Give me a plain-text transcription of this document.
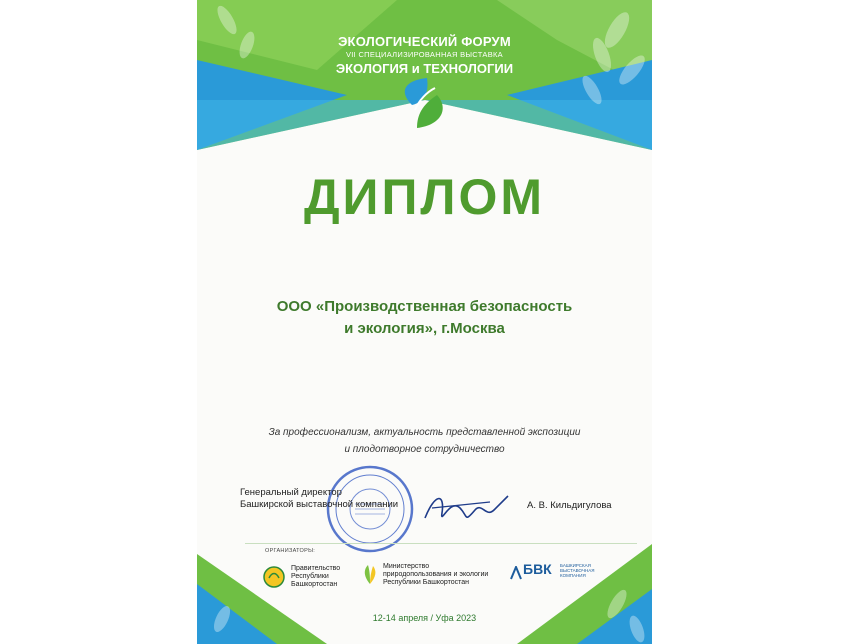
ЭКОЛОГИЧЕСКИЙ ФОРУМ
VII СПЕЦИАЛИЗИРОВАННАЯ ВЫСТАВКА
ЭКОЛОГИЯ и ТЕХНОЛОГИИ
ДИПЛОМ
ООО «Производственная безопасность
и экология», г.Москва
За профессионализм, актуальность представленной экспозиции
и плодотворное сотрудничество
Генеральный директор
Башкирской выставочной компании	А. В. Кильдигулова
ОРГАНИЗАТОРЫ:
Правительство
Республики
Башкортостан
Министерство
природопользования и экологии
Республики Башкортостан
БВК БАШКИРСКАЯ
ВЫСТАВОЧНАЯ
КОМПАНИЯ
12-14 апреля / Уфа 2023
